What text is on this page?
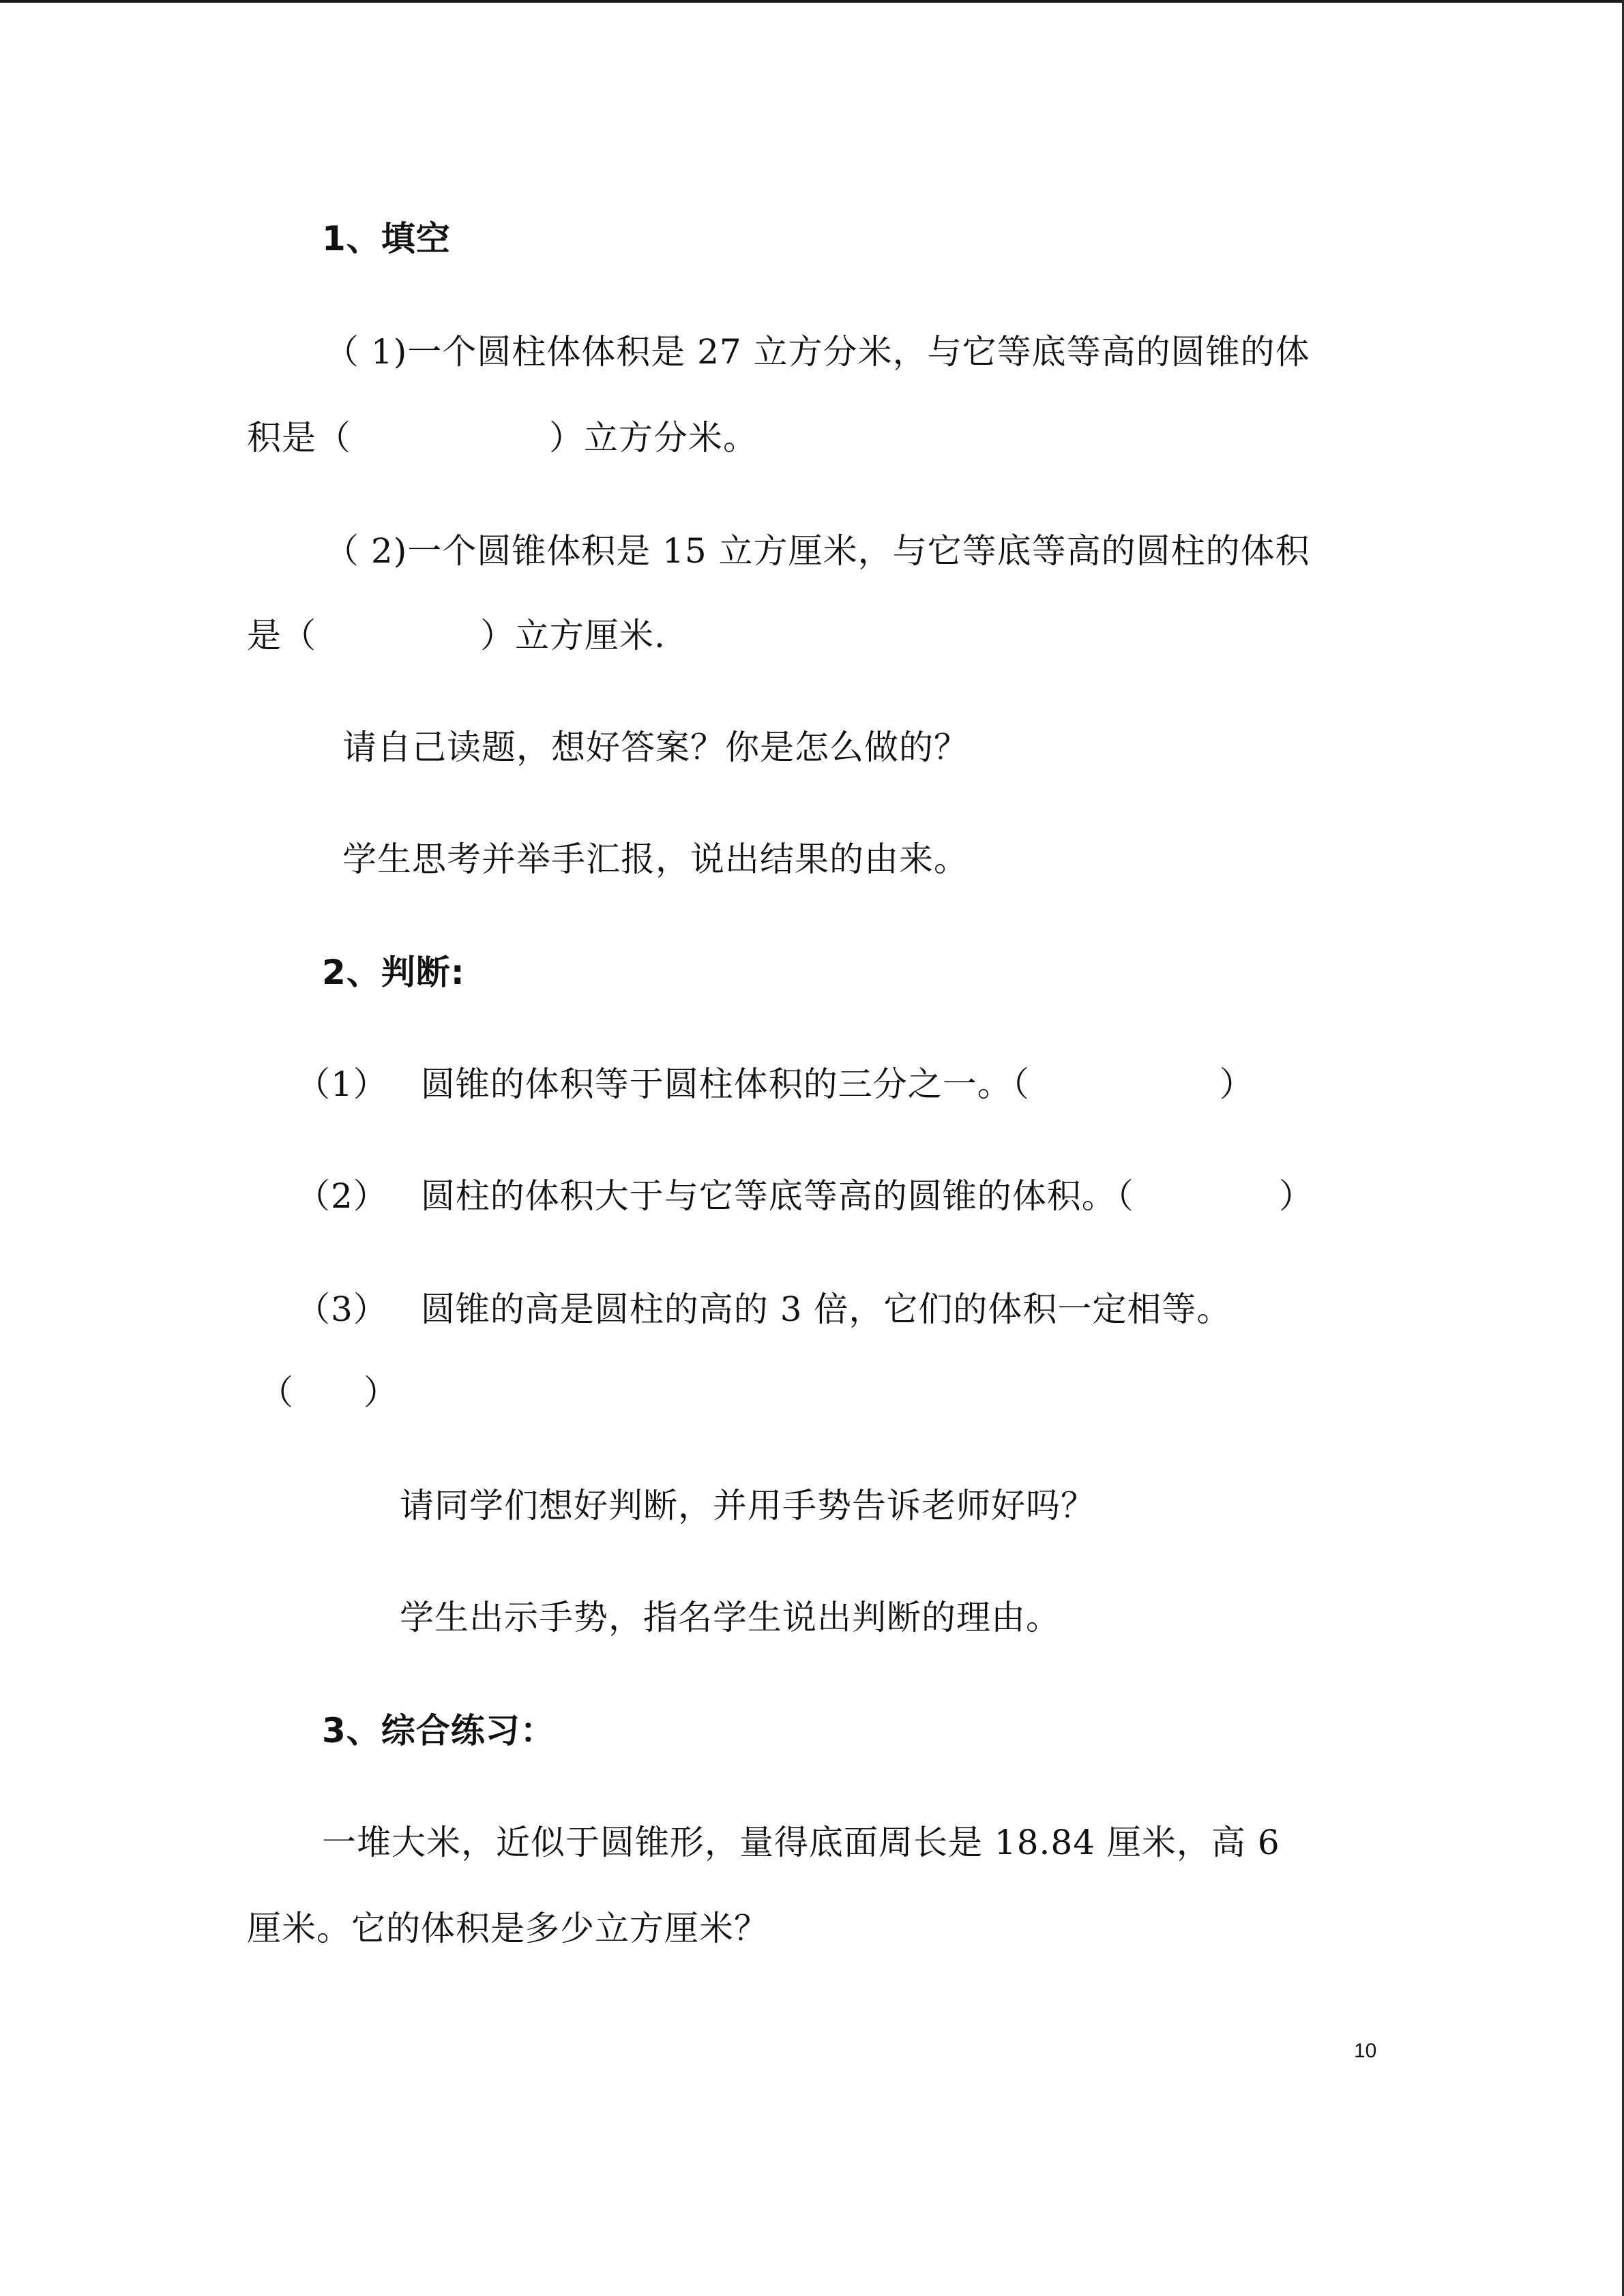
1、填空
（ 1)一个圆柱体体积是 27 立方分米，与它等底等高的圆锥的体
积是（	）立方分米。
（ 2)一个圆锥体积是 15 立方厘米，与它等底等高的圆柱的体积
是（	）立方厘米.
请自己读题，想好答案？你是怎么做的？
学生思考并举手汇报，说出结果的由来。
2、判断:
（1） 圆锥的体积等于圆柱体积的三分之一。（	）
（2） 圆柱的体积大于与它等底等高的圆锥的体积。（	）
（3） 圆锥的高是圆柱的高的 3 倍，它们的体积一定相等。
（ ）
请同学们想好判断，并用手势告诉老师好吗？
学生出示手势，指名学生说出判断的理由。
3、综合练习：
一堆大米，近似于圆锥形，量得底面周长是 18.84 厘米，高 6
厘米。它的体积是多少立方厘米？
10
